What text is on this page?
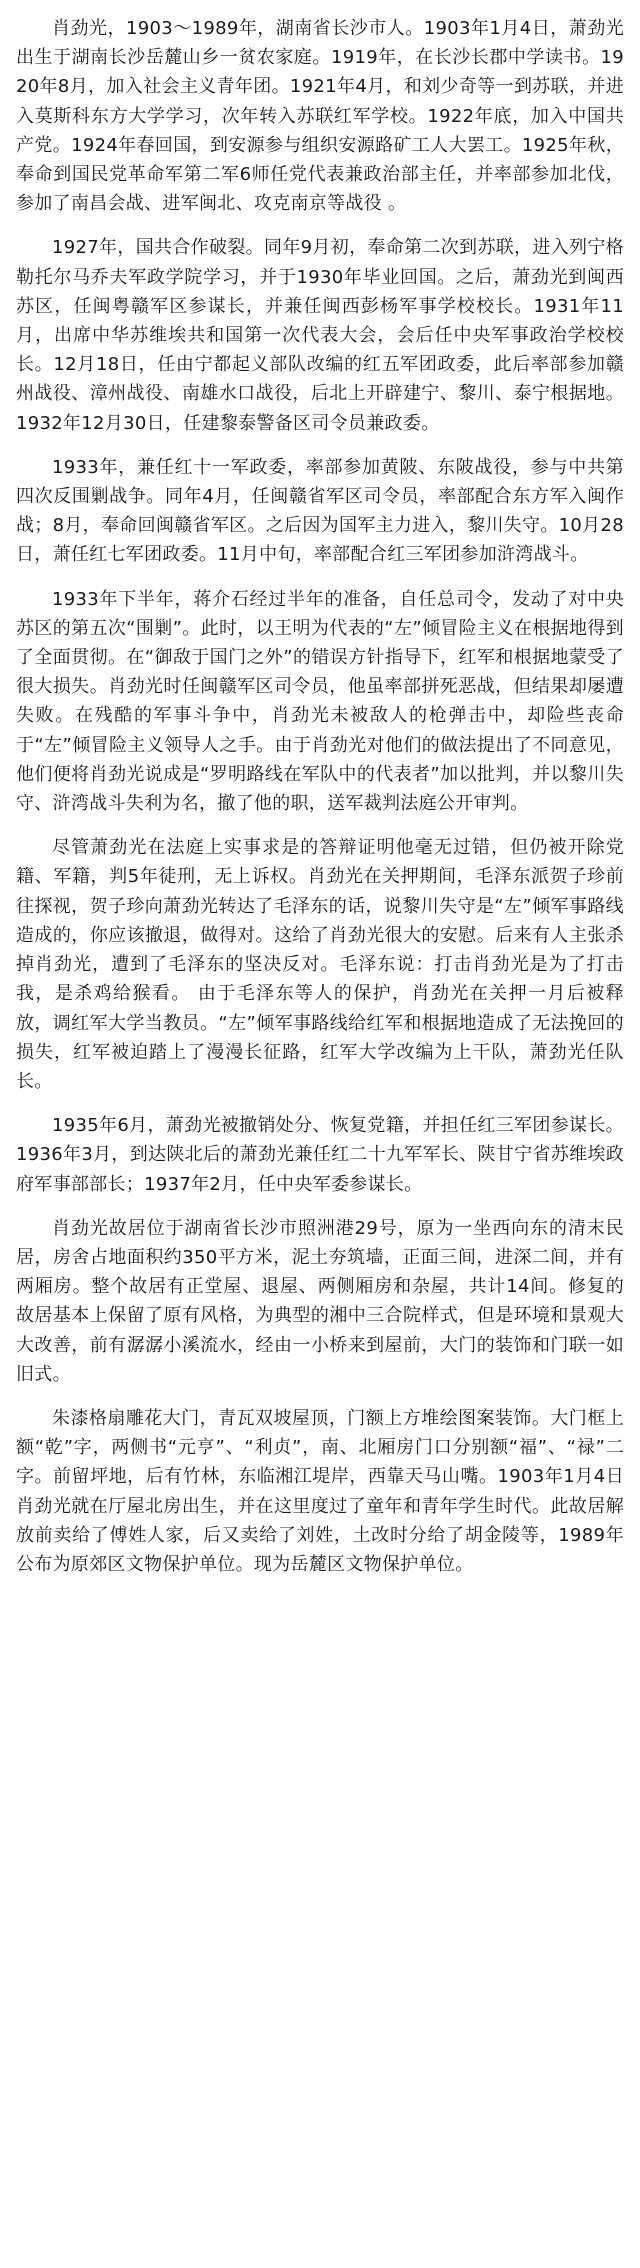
肖劲光，1903～1989年，湖南省长沙市人。1903年1月4日，萧劲光出生于湖南长沙岳麓山乡一贫农家庭。1919年，在长沙长郡中学读书。1920年8月，加入社会主义青年团。1921年4月，和刘少奇等一到苏联，并进入莫斯科东方大学学习，次年转入苏联红军学校。1922年底，加入中国共产党。1924年春回国，到安源参与组织安源路矿工人大罢工。1925年秋，奉命到国民党革命军第二军6师任党代表兼政治部主任，并率部参加北伐，参加了南昌会战、进军闽北、攻克南京等战役 。

1927年，国共合作破裂。同年9月初，奉命第二次到苏联，进入列宁格勒托尔马乔夫军政学院学习，并于1930年毕业回国。之后，萧劲光到闽西苏区，任闽粤赣军区参谋长，并兼任闽西彭杨军事学校校长。1931年11月，出席中华苏维埃共和国第一次代表大会，会后任中央军事政治学校校长。12月18日，任由宁都起义部队改编的红五军团政委，此后率部参加赣州战役、漳州战役、南雄水口战役，后北上开辟建宁、黎川、泰宁根据地。1932年12月30日，任建黎泰警备区司令员兼政委。

1933年，兼任红十一军政委，率部参加黄陂、东陂战役，参与中共第四次反围剿战争。同年4月，任闽赣省军区司令员，率部配合东方军入闽作战；8月，奉命回闽赣省军区。之后因为国军主力进入，黎川失守。10月28日，萧任红七军团政委。11月中旬，率部配合红三军团参加浒湾战斗。

1933年下半年，蒋介石经过半年的准备，自任总司令，发动了对中央苏区的第五次“围剿”。此时，以王明为代表的“左”倾冒险主义在根据地得到了全面贯彻。在“御敌于国门之外”的错误方针指导下，红军和根据地蒙受了很大损失。肖劲光时任闽赣军区司令员，他虽率部拼死恶战，但结果却屡遭失败。在残酷的军事斗争中，肖劲光未被敌人的枪弹击中，却险些丧命于“左”倾冒险主义领导人之手。由于肖劲光对他们的做法提出了不同意见，他们便将肖劲光说成是“罗明路线在军队中的代表者”加以批判，并以黎川失守、浒湾战斗失利为名，撤了他的职，送军裁判法庭公开审判。

尽管萧劲光在法庭上实事求是的答辩证明他毫无过错，但仍被开除党籍、军籍，判5年徒刑，无上诉权。肖劲光在关押期间，毛泽东派贺子珍前往探视，贺子珍向萧劲光转达了毛泽东的话，说黎川失守是“左”倾军事路线造成的，你应该撤退，做得对。这给了肖劲光很大的安慰。后来有人主张杀掉肖劲光，遭到了毛泽东的坚决反对。毛泽东说：打击肖劲光是为了打击我，是杀鸡给猴看。 由于毛泽东等人的保护，肖劲光在关押一月后被释放，调红军大学当教员。“左”倾军事路线给红军和根据地造成了无法挽回的损失，红军被迫踏上了漫漫长征路，红军大学改编为上干队，萧劲光任队长。

1935年6月，萧劲光被撤销处分、恢复党籍，并担任红三军团参谋长。1936年3月，到达陕北后的萧劲光兼任红二十九军军长、陕甘宁省苏维埃政府军事部部长；1937年2月，任中央军委参谋长。

肖劲光故居位于湖南省长沙市照洲港29号，原为一坐西向东的清末民居，房舍占地面积约350平方米，泥土夯筑墙，正面三间，进深二间，并有两厢房。整个故居有正堂屋、退屋、两侧厢房和杂屋，共计14间。修复的故居基本上保留了原有风格，为典型的湘中三合院样式，但是环境和景观大大改善，前有潺潺小溪流水，经由一小桥来到屋前，大门的装饰和门联一如旧式。

朱漆格扇雕花大门，青瓦双坡屋顶，门额上方堆绘图案装饰。大门框上额“乾”字，两侧书“元亨”、“利贞”，南、北厢房门口分别额“福”、“禄”二字。前留坪地，后有竹林，东临湘江堤岸，西靠天马山嘴。1903年1月4日肖劲光就在厅屋北房出生，并在这里度过了童年和青年学生时代。此故居解放前卖给了傅姓人家，后又卖给了刘姓，土改时分给了胡金陵等，1989年公布为原郊区文物保护单位。现为岳麓区文物保护单位。
